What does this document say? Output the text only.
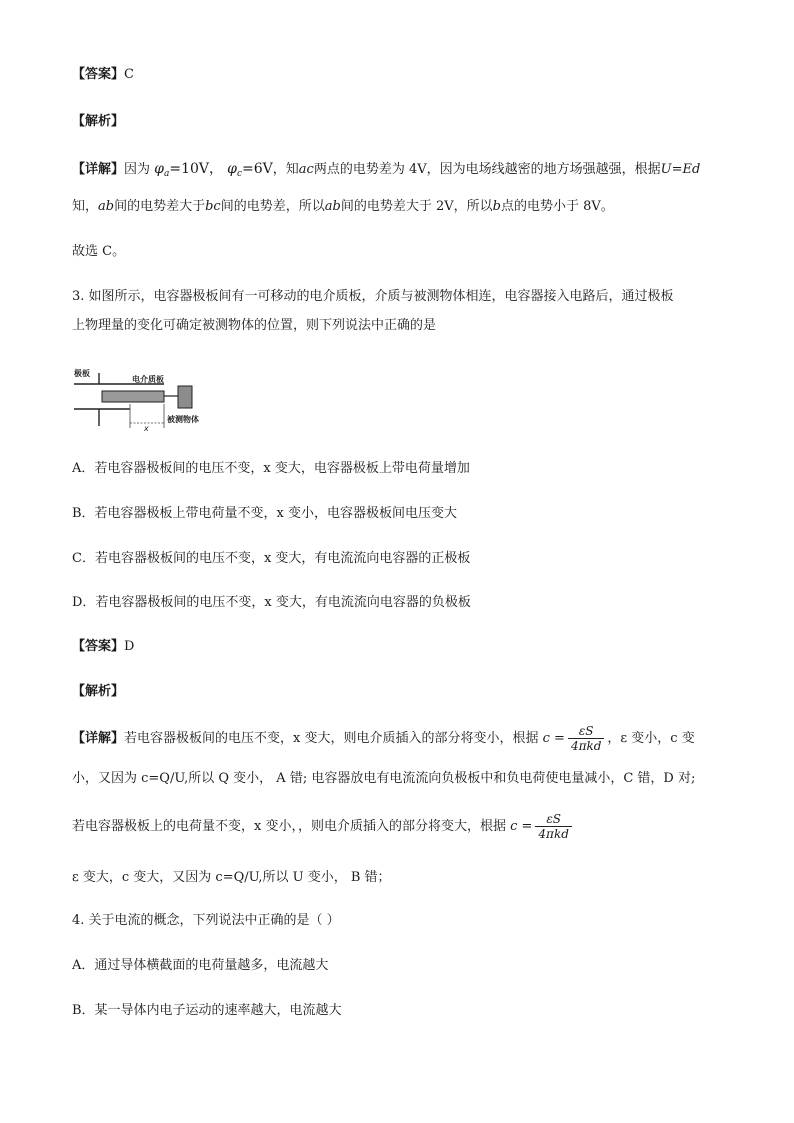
【答案】C
【解析】
【详解】因为 $\varphi_a=10V$， $\varphi_c=6V$，知ac两点的电势差为 4V，因为电场线越密的地方场强越强，根据U=Ed
知，ab间的电势差大于bc间的电势差，所以ab间的电势差大于 2V，所以b点的电势小于 8V。
故选 C。
3. 如图所示，电容器极板间有一可移动的电介质板，介质与被测物体相连，电容器接入电路后，通过极板
上物理量的变化可确定被测物体的位置，则下列说法中正确的是
极板
电介质板
被测物体
x
A．若电容器极板间的电压不变，x 变大，电容器极板上带电荷量增加
B．若电容器极板上带电荷量不变，x 变小，电容器极板间电压变大
C．若电容器极板间的电压不变，x 变大，有电流流向电容器的正极板
D．若电容器极板间的电压不变，x 变大，有电流流向电容器的负极板
【答案】D
【解析】
【详解】若电容器极板间的电压不变，x 变大，则电介质插入的部分将变小，根据 $c = \frac{\varepsilon S}{\text{4πkd}}$ ，ε 变小，c 变
小，又因为 c=Q/U,所以 Q 变小， A 错; 电容器放电有电流流向负极板中和负电荷使电量减小，C 错，D 对;
若电容器极板上的电荷量不变，x 变小，，则电介质插入的部分将变大，根据 $c = \frac{\varepsilon S}{\text{4πkd}}$
ε 变大，c 变大，又因为 c=Q/U,所以 U 变小， B 错；
4. 关于电流的概念，下列说法中正确的是（ ）
A．通过导体横截面的电荷量越多，电流越大
B．某一导体内电子运动的速率越大，电流越大
